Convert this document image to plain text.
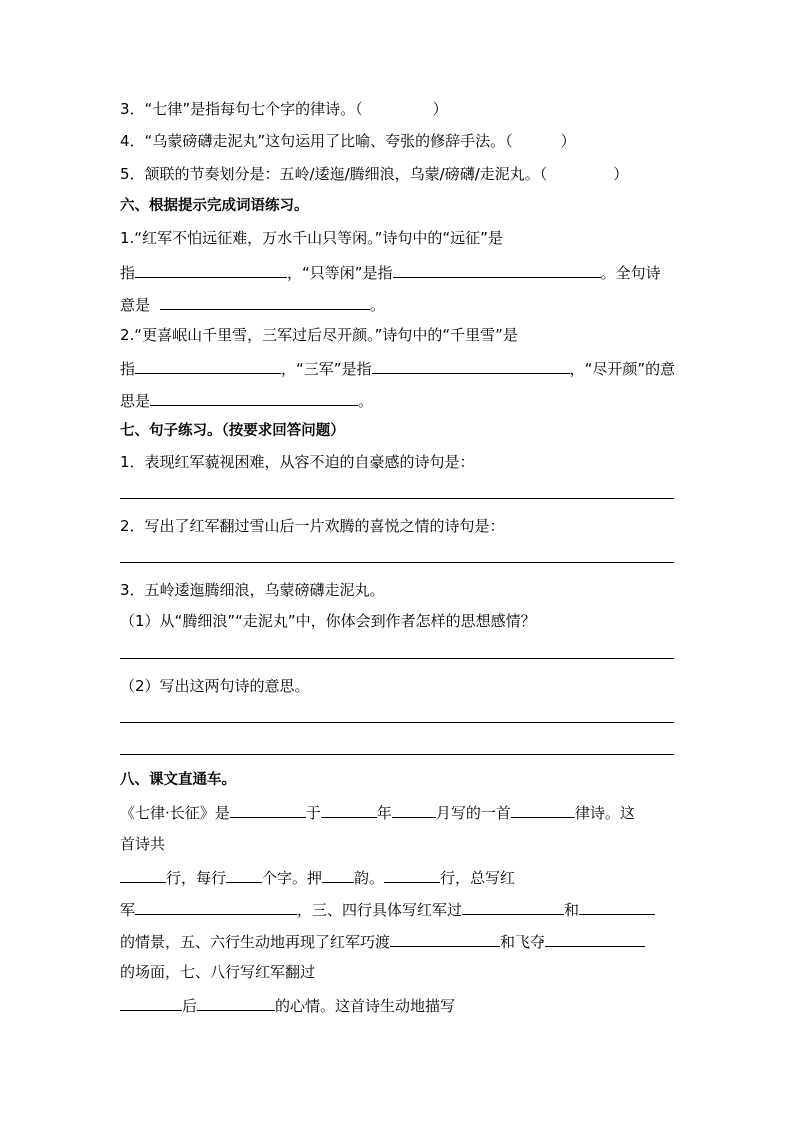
3．“七律”是指每句七个字的律诗。（	）
4．“乌蒙磅礴走泥丸”这句运用了比喻、夸张的修辞手法。（	）
5．颔联的节奏划分是：五岭/逶迤/腾细浪，乌蒙/磅礴/走泥丸。（	）
六、根据提示完成词语练习。
1.“红军不怕远征难，万水千山只等闲。”诗句中的“远征”是
指	，“只等闲”是指	。全句诗
意是	。
2.“更喜岷山千里雪，三军过后尽开颜。”诗句中的“千里雪”是
指	，“三军”是指	，“尽开颜”的意
思是	。
七、句子练习。（按要求回答问题）
1．表现红军藐视困难，从容不迫的自豪感的诗句是：
2．写出了红军翻过雪山后一片欢腾的喜悦之情的诗句是：
3．五岭逶迤腾细浪，乌蒙磅礴走泥丸。
（1）从“腾细浪”“走泥丸”中，你体会到作者怎样的思想感情？
（2）写出这两句诗的意思。
八、课文直通车。
《七律·长征》是	于	年	月写的一首	律诗。这
首诗共
行，每行 个字。押 韵。	行，总写红
军	，三、四行具体写红军过	和
的情景，五、六行生动地再现了红军巧渡	和飞夺
的场面，七、八行写红军翻过
后	的心情。这首诗生动地描写
